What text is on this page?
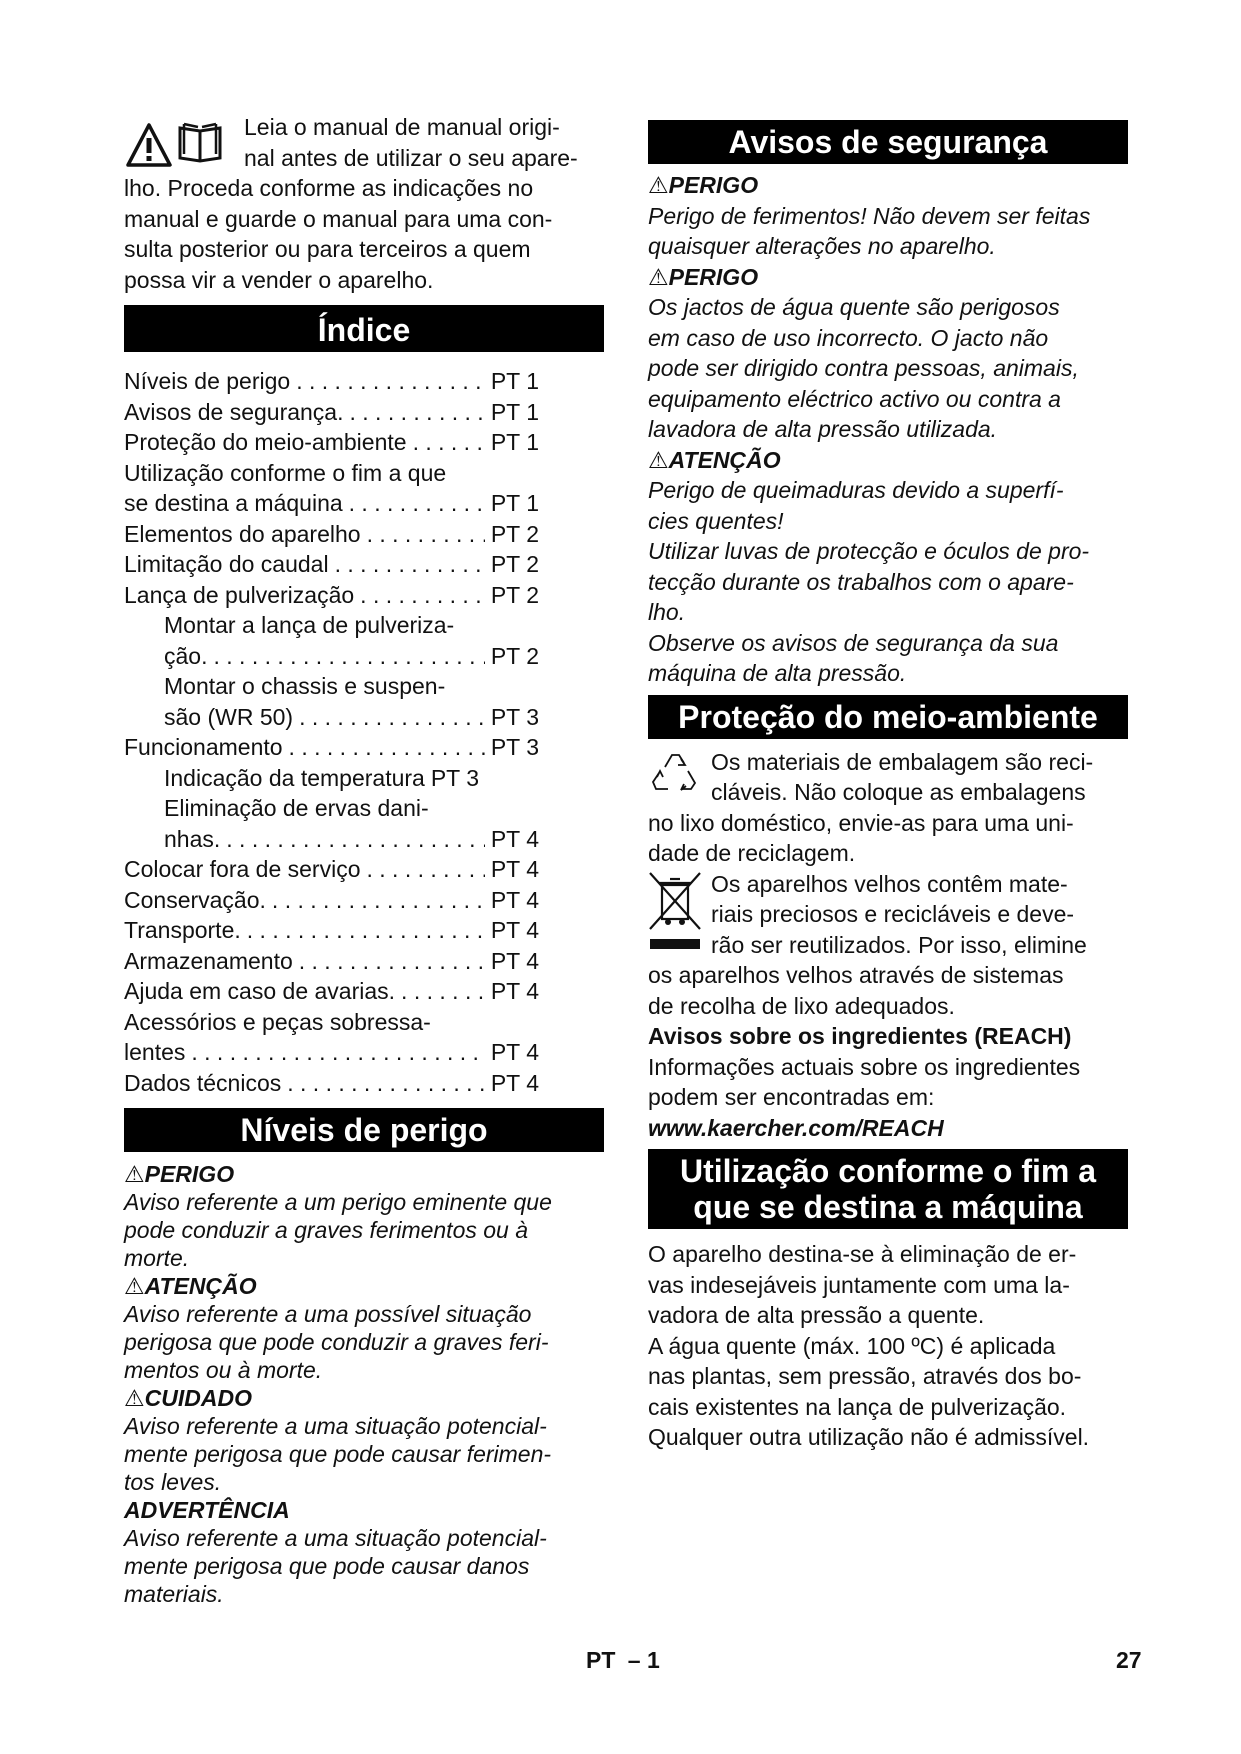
Leia o manual de manual origi-

nal antes de utilizar o seu apare-

lho. Proceda conforme as indicações no

manual e guarde o manual para uma con-

sulta posterior ou para terceiros a quem

possa vir a vender o aparelho.

Índice
Níveis de perigo . . .	PT 1
Avisos de segurança. . . .	PT 1
Proteção do meio-ambiente . . .	PT 1
Utilização conforme o fim a que
se destina a máquina . . .	PT 1
Elementos do aparelho . . .	PT 2
Limitação do caudal . . .	PT 2
Lança de pulverização . . .	PT 2
Montar a lança de pulveriza-
ção. . . .	PT 2
Montar o chassis e suspen-
são (WR 50) . . .	PT 3
Funcionamento . . .	PT 3
Indicação da temperatura PT 3
Eliminação de ervas dani-
nhas. . . .	PT 4
Colocar fora de serviço . . .	PT 4
Conservação. . . .	PT 4
Transporte. . . .	PT 4
Armazenamento . . .	PT 4
Ajuda em caso de avarias. . . .	PT 4
Acessórios e peças sobressa-
lentes . . .	PT 4
Dados técnicos . . .	PT 4
Níveis de perigo
⚠PERIGO

Aviso referente a um perigo eminente que

pode conduzir a graves ferimentos ou à

morte.

⚠ATENÇÃO

Aviso referente a uma possível situação

perigosa que pode conduzir a graves feri-

mentos ou à morte.

⚠CUIDADO

Aviso referente a uma situação potencial-

mente perigosa que pode causar ferimen-

tos leves.

ADVERTÊNCIA

Aviso referente a uma situação potencial-

mente perigosa que pode causar danos

materiais.

Avisos de segurança
⚠PERIGO

Perigo de ferimentos! Não devem ser feitas

quaisquer alterações no aparelho.

⚠PERIGO

Os jactos de água quente são perigosos

em caso de uso incorrecto. O jacto não

pode ser dirigido contra pessoas, animais,

equipamento eléctrico activo ou contra a

lavadora de alta pressão utilizada.

⚠ATENÇÃO

Perigo de queimaduras devido a superfí-

cies quentes!

Utilizar luvas de protecção e óculos de pro-

tecção durante os trabalhos com o apare-

lho.

Observe os avisos de segurança da sua

máquina de alta pressão.

Proteção do meio-ambiente

Os materiais de embalagem são reci-

cláveis. Não coloque as embalagens

no lixo doméstico, envie-as para uma uni-

dade de reciclagem.

Os aparelhos velhos contêm mate-

riais preciosos e recicláveis e deve-

rão ser reutilizados. Por isso, elimine

os aparelhos velhos através de sistemas

de recolha de lixo adequados.

Avisos sobre os ingredientes (REACH)

Informações actuais sobre os ingredientes

podem ser encontradas em:

www.kaercher.com/REACH

Utilização conforme o fim a
que se destina a máquina

O aparelho destina-se à eliminação de er-

vas indesejáveis juntamente com uma la-

vadora de alta pressão a quente.

A água quente (máx. 100 ºC) é aplicada

nas plantas, sem pressão, através dos bo-

cais existentes na lança de pulverização.

Qualquer outra utilização não é admissível.

PT – 1	27
